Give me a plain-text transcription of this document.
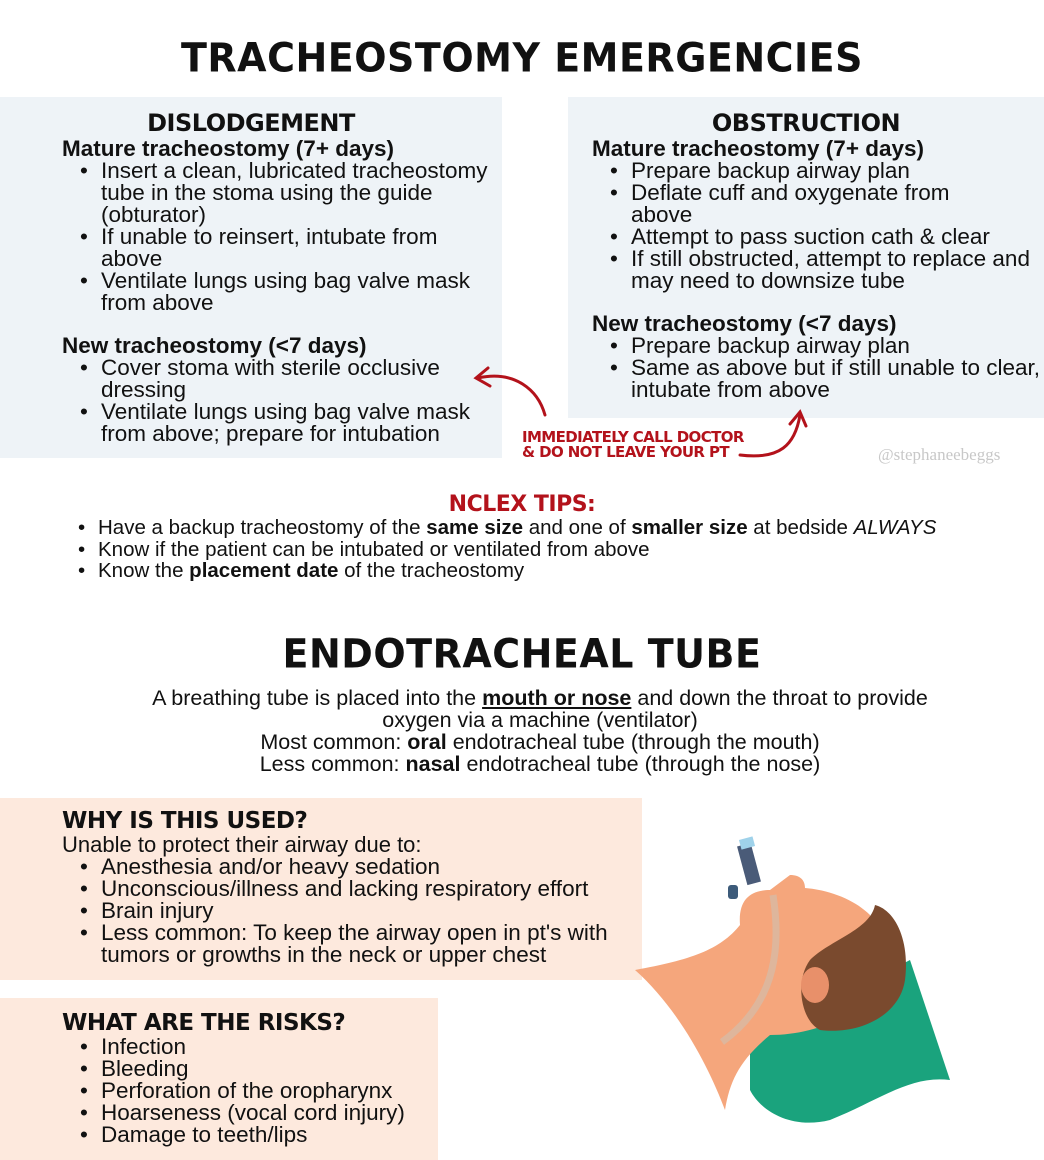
TRACHEOSTOMY EMERGENCIES
DISLODGEMENT
Mature tracheostomy (7+ days)
• Insert a clean, lubricated tracheostomy tube in the stoma using the guide (obturator)
• If unable to reinsert, intubate from above
• Ventilate lungs using bag valve mask from above
New tracheostomy (<7 days)
• Cover stoma with sterile occlusive dressing
• Ventilate lungs using bag valve mask from above; prepare for intubation
OBSTRUCTION
Mature tracheostomy (7+ days)
• Prepare backup airway plan
• Deflate cuff and oxygenate from above
• Attempt to pass suction cath & clear
• If still obstructed, attempt to replace and may need to downsize tube
New tracheostomy (<7 days)
• Prepare backup airway plan
• Same as above but if still unable to clear, intubate from above
IMMEDIATELY CALL DOCTOR
& DO NOT LEAVE YOUR PT	@stephaneebeggs
NCLEX TIPS:
• Have a backup tracheostomy of the same size and one of smaller size at bedside ALWAYS
• Know if the patient can be intubated or ventilated from above
• Know the placement date of the tracheostomy
ENDOTRACHEAL TUBE
A breathing tube is placed into the mouth or nose and down the throat to provide
oxygen via a machine (ventilator)
Most common: oral endotracheal tube (through the mouth)
Less common: nasal endotracheal tube (through the nose)
WHY IS THIS USED?
Unable to protect their airway due to:
• Anesthesia and/or heavy sedation
• Unconscious/illness and lacking respiratory effort
• Brain injury
• Less common: To keep the airway open in pt's with tumors or growths in the neck or upper chest
WHAT ARE THE RISKS?
• Infection
• Bleeding
• Perforation of the oropharynx
• Hoarseness (vocal cord injury)
• Damage to teeth/lips
